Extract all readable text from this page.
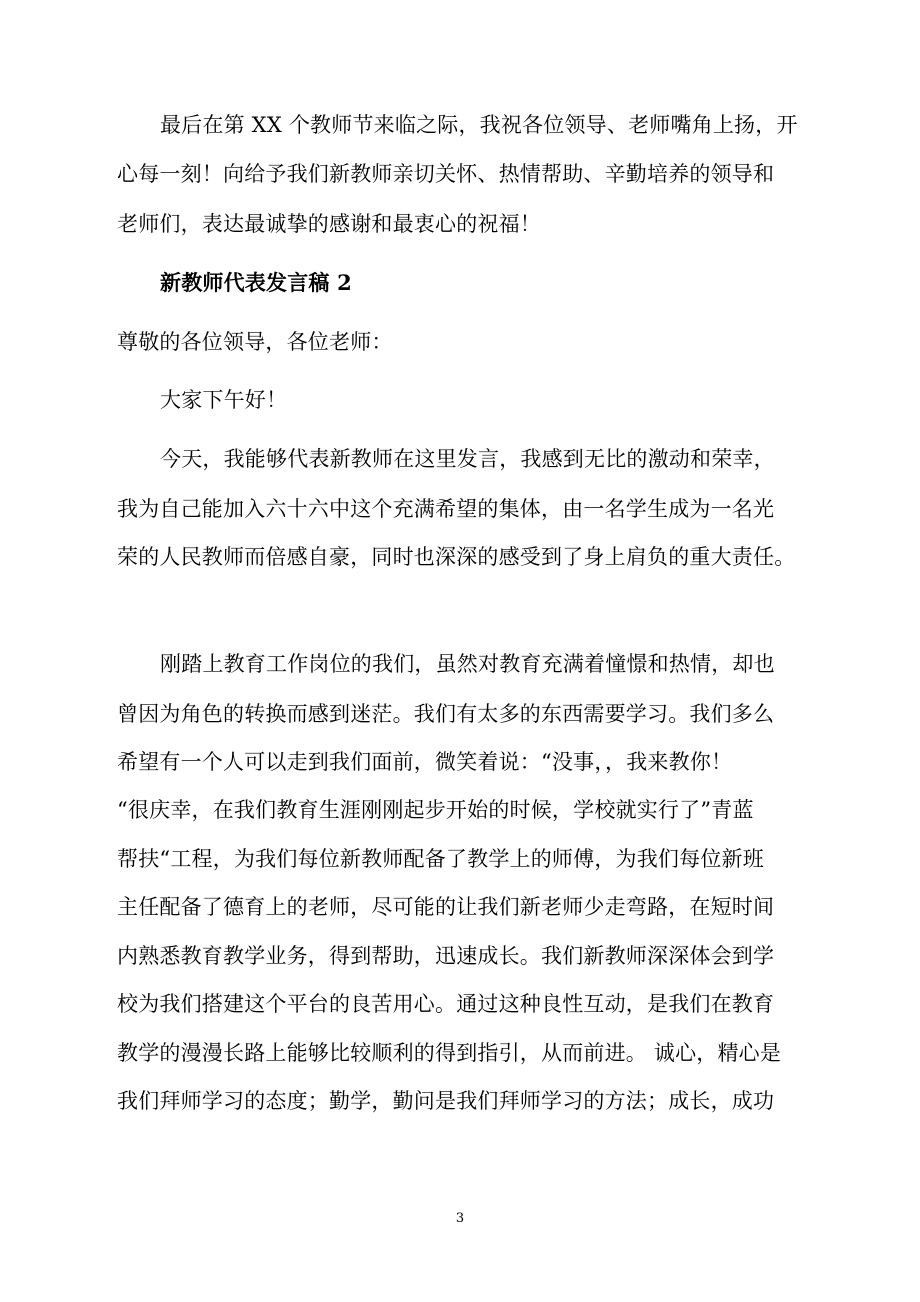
最后在第 XX 个教师节来临之际，我祝各位领导、老师嘴角上扬，开
心每一刻！向给予我们新教师亲切关怀、热情帮助、辛勤培养的领导和
老师们，表达最诚挚的感谢和最衷心的祝福！
新教师代表发言稿 2
尊敬的各位领导，各位老师：
大家下午好！
今天，我能够代表新教师在这里发言，我感到无比的激动和荣幸，
我为自己能加入六十六中这个充满希望的集体，由一名学生成为一名光
荣的人民教师而倍感自豪，同时也深深的感受到了身上肩负的重大责任。
刚踏上教育工作岗位的我们，虽然对教育充满着憧憬和热情，却也
曾因为角色的转换而感到迷茫。我们有太多的东西需要学习。我们多么
希望有一个人可以走到我们面前，微笑着说：“没事，，我来教你！
“很庆幸，在我们教育生涯刚刚起步开始的时候，学校就实行了”青蓝
帮扶“工程，为我们每位新教师配备了教学上的师傅，为我们每位新班
主任配备了德育上的老师，尽可能的让我们新老师少走弯路，在短时间
内熟悉教育教学业务，得到帮助，迅速成长。我们新教师深深体会到学
校为我们搭建这个平台的良苦用心。通过这种良性互动，是我们在教育
教学的漫漫长路上能够比较顺利的得到指引，从而前进。 诚心，精心是
我们拜师学习的态度；勤学，勤问是我们拜师学习的方法；成长，成功
3
